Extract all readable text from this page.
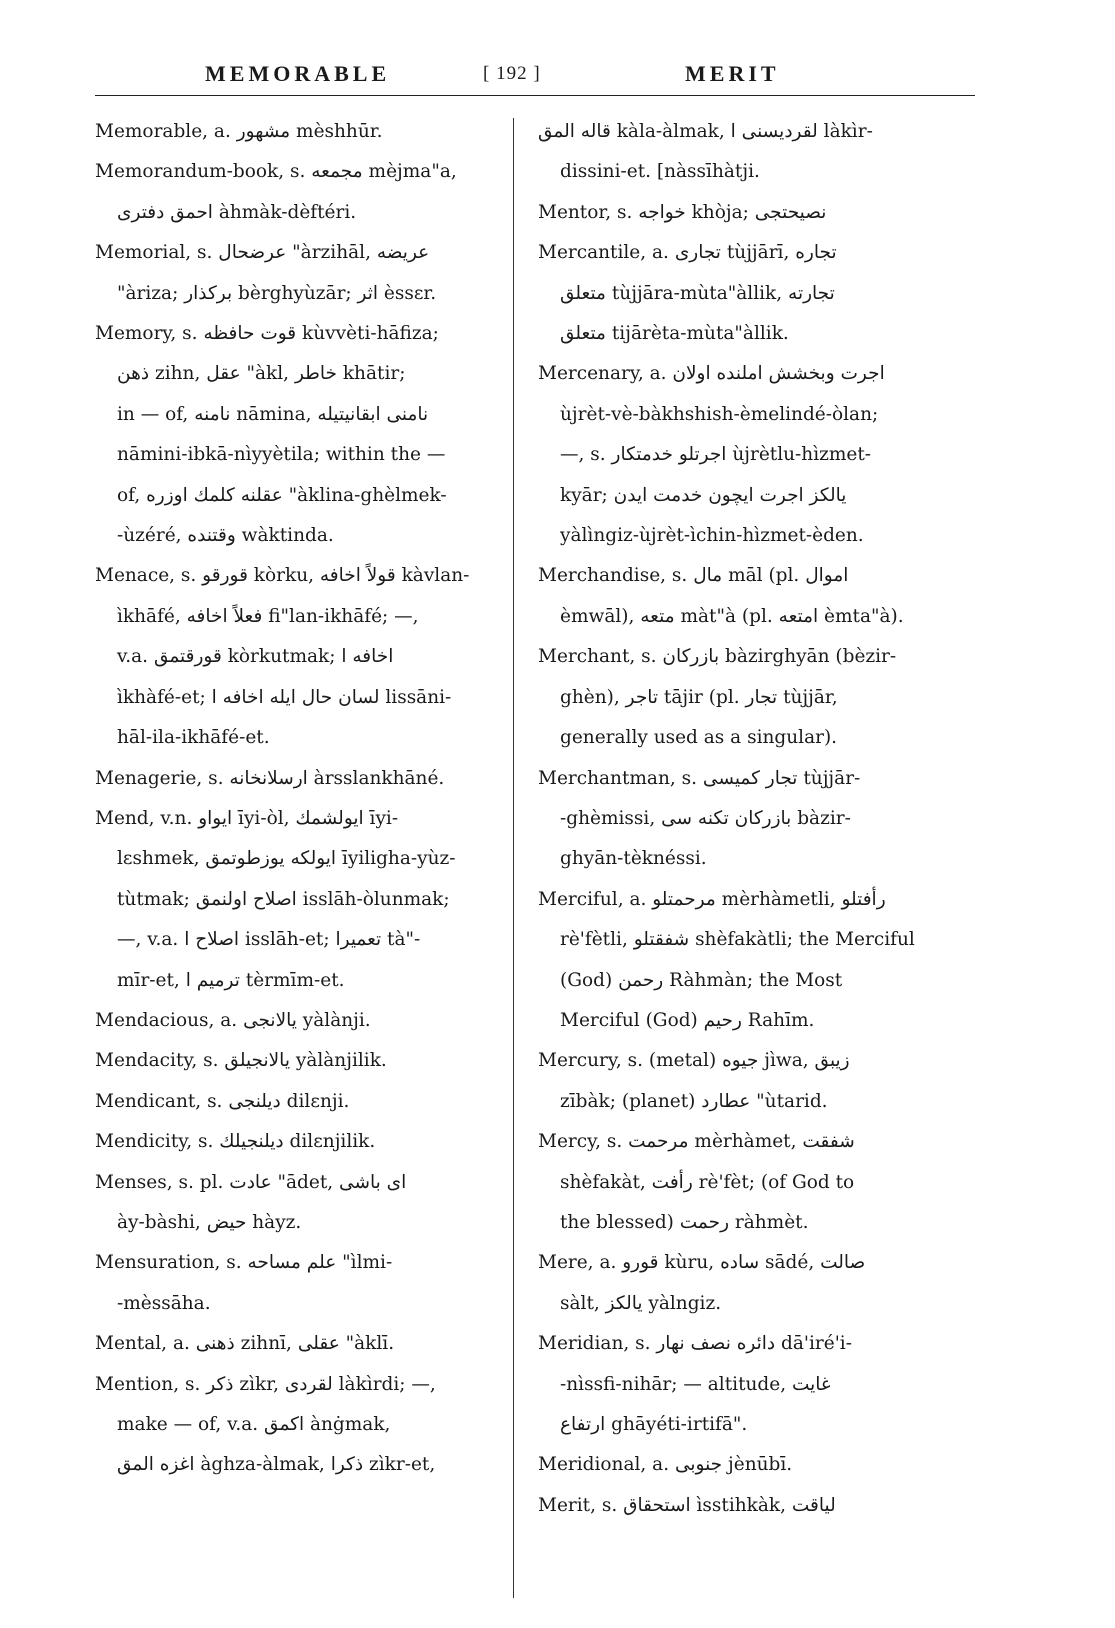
MEMORABLE	[ 192 ]	MERIT
Memorable, a. مشهور mèshhūr.
Memorandum-book, s. مجمعه mèjma"a,
احمق دفتری àhmàk-dèftéri.
Memorial, s. عرضحال "àrzihāl, عریضه
"àriza; برکذار bèrghyùzār; اثر èssɛr.
Memory, s. قوت حافظه kùvvèti-hāfiza;
ذهن zihn, عقل "àkl, خاطر khātir;
in — of, نامنه nāmina, نامنی ابقانیتیله
nāmini-ibkā-nìyyètila; within the —
of, عقلنه کلمك اوزره "àklina-ghèlmek-
-ùzéré, وقتنده wàktinda.
Menace, s. قورقو kòrku, قولاً اخافه kàvlan-
ìkhāfé, فعلاً اخافه fi"lan-ikhāfé; —,
v.a. قورقتمق kòrkutmak; اخافه ا
ìkhàfé-et; لسان حال ایله اخافه ا lissāni-
hāl-ila-ikhāfé-et.
Menagerie, s. ارسلانخانه àrsslankhāné.
Mend, v.n. ایواو īyi-òl, ایولشمك īyi-
lɛshmek, ایولکه یوزطوتمق īyiligha-yùz-
tùtmak; اصلاح اولنمق isslāh-òlunmak;
—, v.a. اصلاح ا isslāh-et; تعمیرا tà"-
mīr-et, ترمیم ا tèrmīm-et.
Mendacious, a. یالانجی yàlànji.
Mendacity, s. یالانجیلق yàlànjilik.
Mendicant, s. دیلنجی dilɛnji.
Mendicity, s. دیلنجیلك dilɛnjilik.
Menses, s. pl. عادت "ādet, ای باشی
ày-bàshi, حیض hàyz.
Mensuration, s. علم مساحه "ìlmi-
-mèssāha.
Mental, a. ذهنی zihnī, عقلی "àklī.
Mention, s. ذکر zìkr, لقردی làkìrdi; —,
make — of, v.a. اکمق ànġmak,
اغزه المق àghza-àlmak, ذکرا zìkr-et,
قاله المق kàla-àlmak, لقردیسنی ا làkìr-
dissini-et. [nàssīhàtji.
Mentor, s. خواجه khòja; نصیحتجی
Mercantile, a. تجاری tùjjārī, تجاره
متعلق tùjjāra-mùta"àllik, تجارته
متعلق tijārèta-mùta"àllik.
Mercenary, a. اجرت وبخشش املنده اولان
ùjrèt-vè-bàkhshish-èmelindé-òlan;
—, s. اجرتلو خدمتکار ùjrètlu-hìzmet-
kyār; یالکز اجرت ایچون خدمت ایدن
yàlìngiz-ùjrèt-ìchin-hìzmet-èden.
Merchandise, s. مال māl (pl. اموال
èmwāl), متعه màt"à (pl. امتعه èmta"à).
Merchant, s. بازرکان bàzirghyān (bèzir-
ghèn), تاجر tājir (pl. تجار tùjjār,
generally used as a singular).
Merchantman, s. تجار کمیسی tùjjār-
-ghèmissi, بازرکان تکنه سی bàzir-
ghyān-tèknéssi.
Merciful, a. مرحمتلو mèrhàmetli, رأفتلو
rè'fètli, شفقتلو shèfakàtli; the Merciful
(God) رحمن Ràhmàn; the Most
Merciful (God) رحیم Rahīm.
Mercury, s. (metal) جیوه jìwa, زیبق
zībàk; (planet) عطارد "ùtarid.
Mercy, s. مرحمت mèrhàmet, شفقت
shèfakàt, رأفت rè'fèt; (of God to
the blessed) رحمت ràhmèt.
Mere, a. قورو kùru, ساده sādé, صالت
sàlt, یالکز yàlngiz.
Meridian, s. دائره نصف نهار dā'iré'i-
-nìssfi-nihār; — altitude, غایت
ارتفاع ghāyéti-irtifā".
Meridional, a. جنوبی jènūbī.
Merit, s. استحقاق ìsstihkàk, لیاقت
